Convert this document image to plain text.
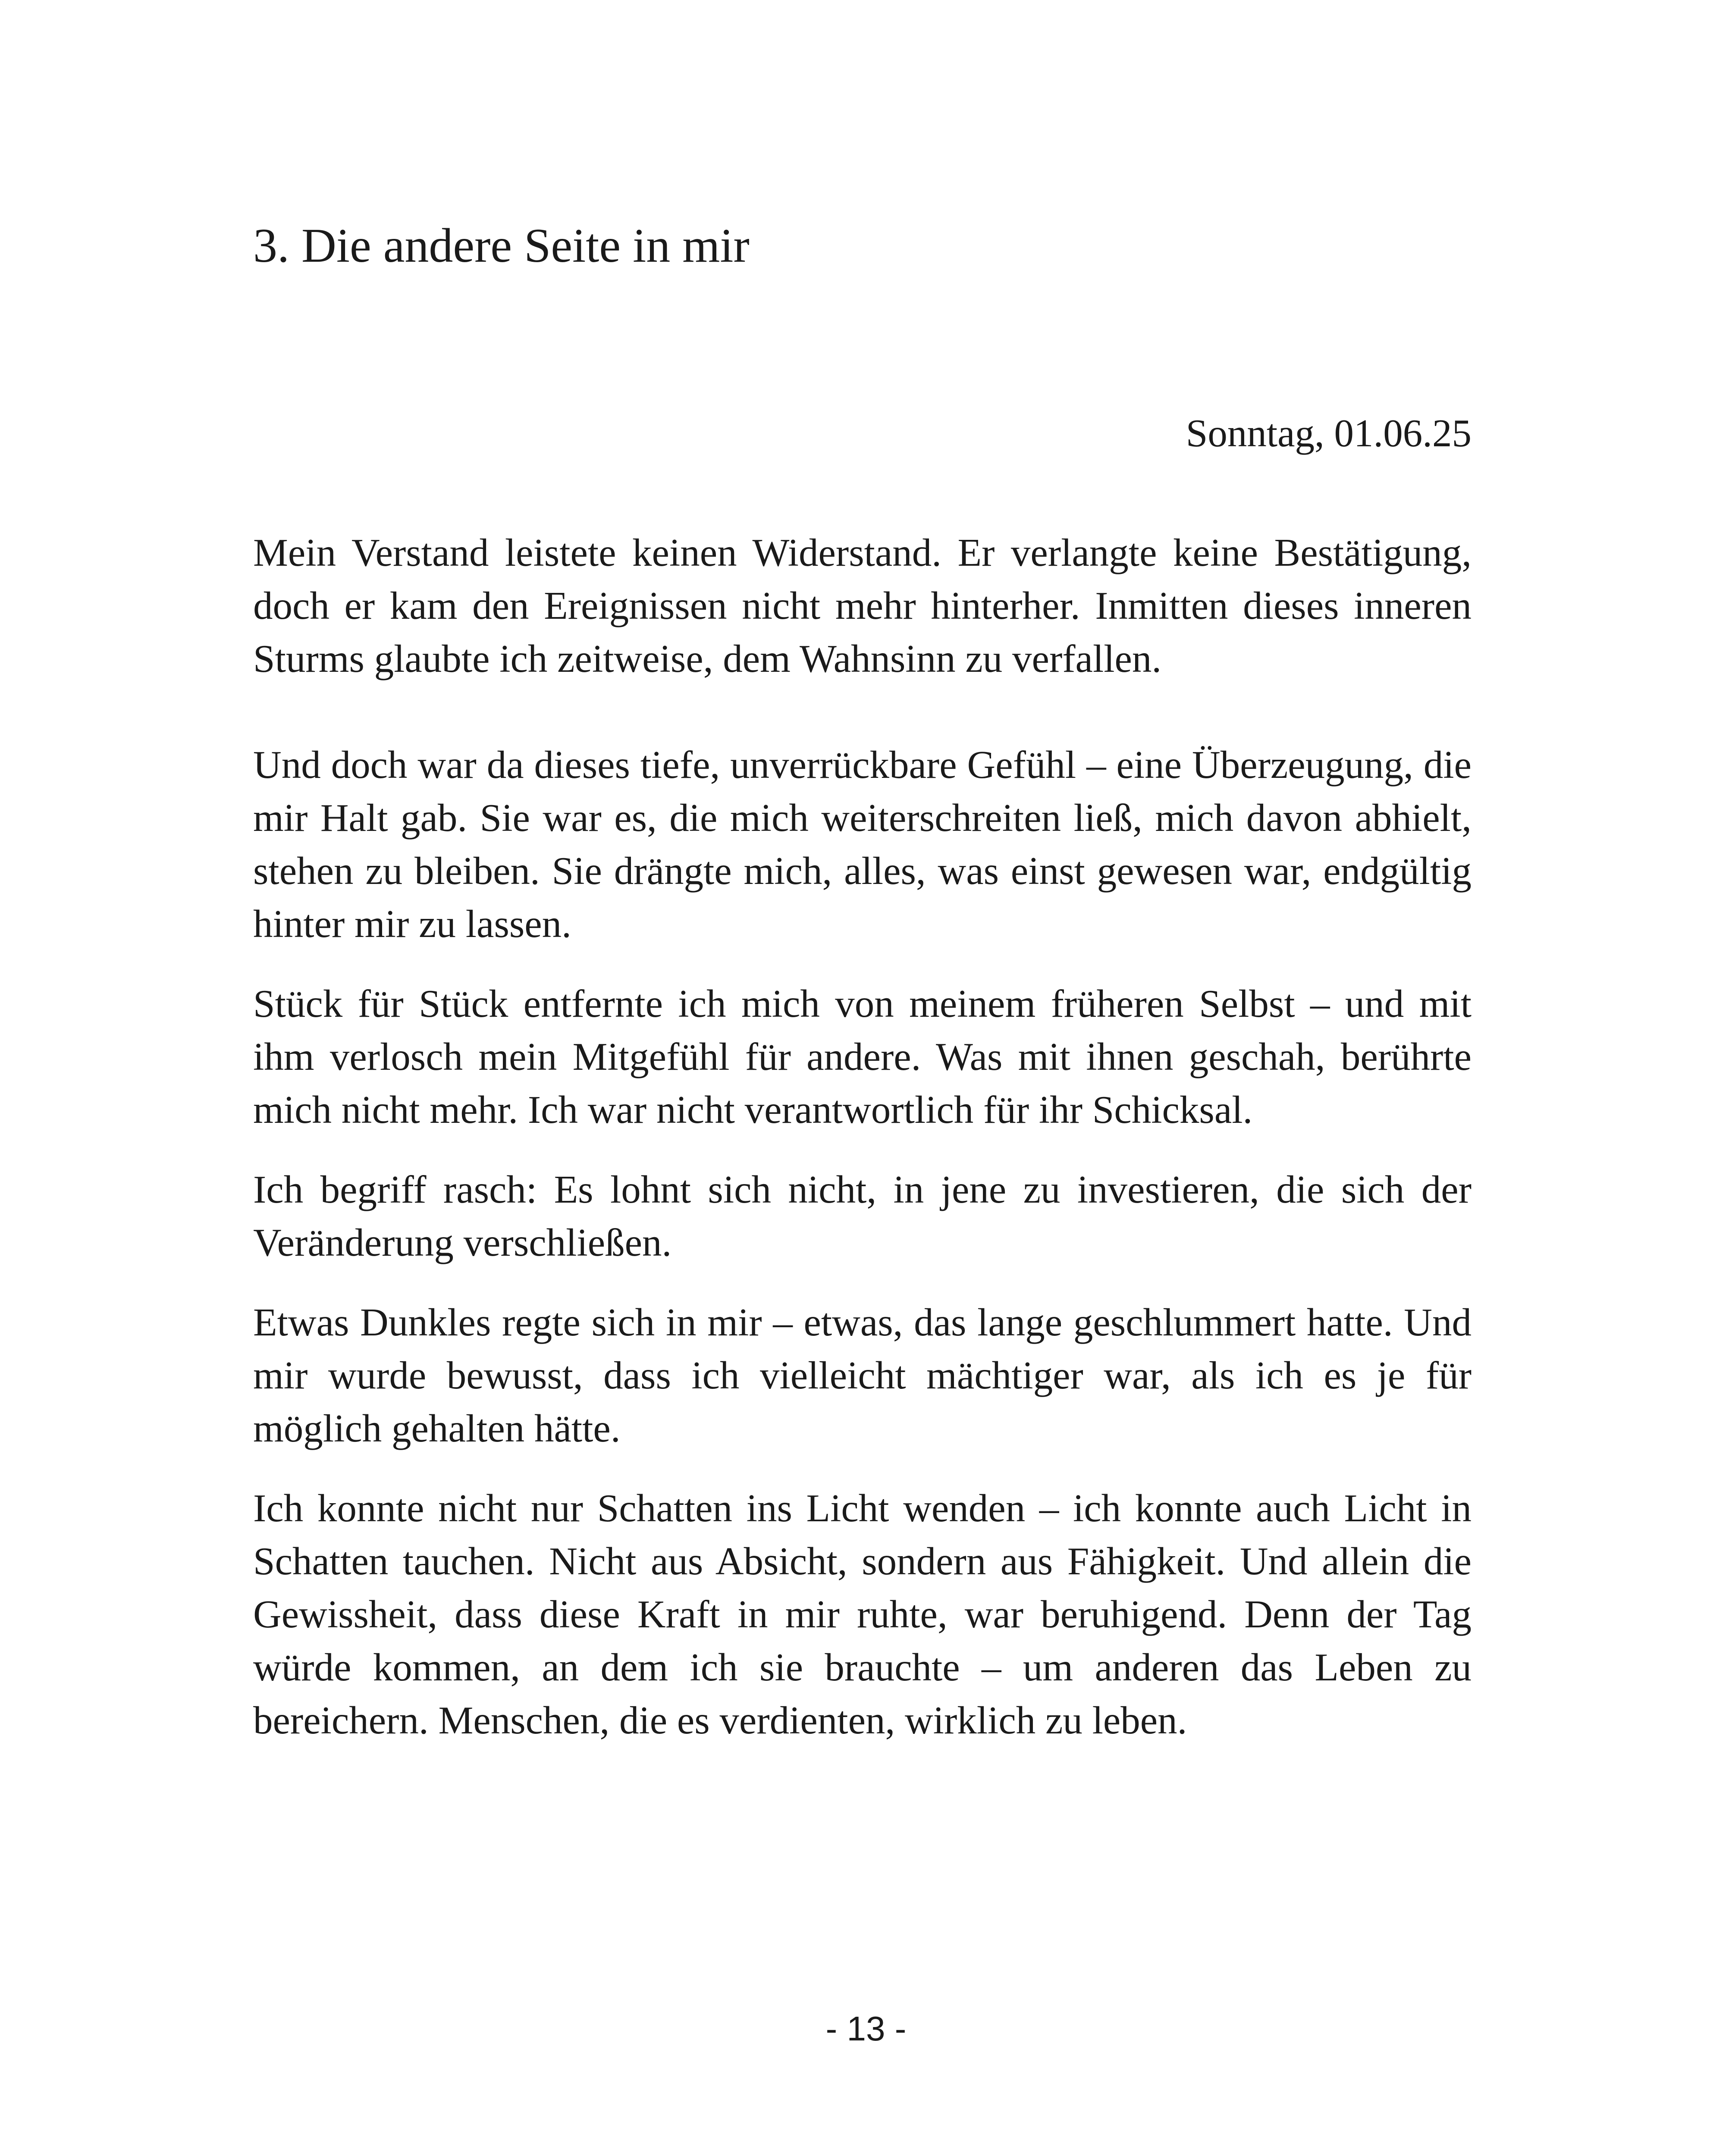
3. Die andere Seite in mir

Sonntag, 01.06.25

Mein Verstand leistete keinen Widerstand. Er verlangte keine Bestätigung, doch er kam den Ereignissen nicht mehr hinterher. Inmitten dieses inneren Sturms glaubte ich zeitweise, dem Wahnsinn zu verfallen.

Und doch war da dieses tiefe, unverrückbare Gefühl – eine Überzeugung, die mir Halt gab. Sie war es, die mich weiterschreiten ließ, mich davon abhielt, stehen zu bleiben. Sie drängte mich, alles, was einst gewesen war, endgültig hinter mir zu lassen.

Stück für Stück entfernte ich mich von meinem früheren Selbst – und mit ihm verlosch mein Mitgefühl für andere. Was mit ihnen geschah, berührte mich nicht mehr. Ich war nicht verantwortlich für ihr Schicksal.

Ich begriff rasch: Es lohnt sich nicht, in jene zu investieren, die sich der Veränderung verschließen.

Etwas Dunkles regte sich in mir – etwas, das lange geschlummert hatte. Und mir wurde bewusst, dass ich vielleicht mächtiger war, als ich es je für möglich gehalten hätte.

Ich konnte nicht nur Schatten ins Licht wenden – ich konnte auch Licht in Schatten tauchen. Nicht aus Absicht, sondern aus Fähigkeit. Und allein die Gewissheit, dass diese Kraft in mir ruhte, war beruhigend. Denn der Tag würde kommen, an dem ich sie brauchte – um anderen das Leben zu bereichern. Menschen, die es verdienten, wirklich zu leben.

- 13 -
